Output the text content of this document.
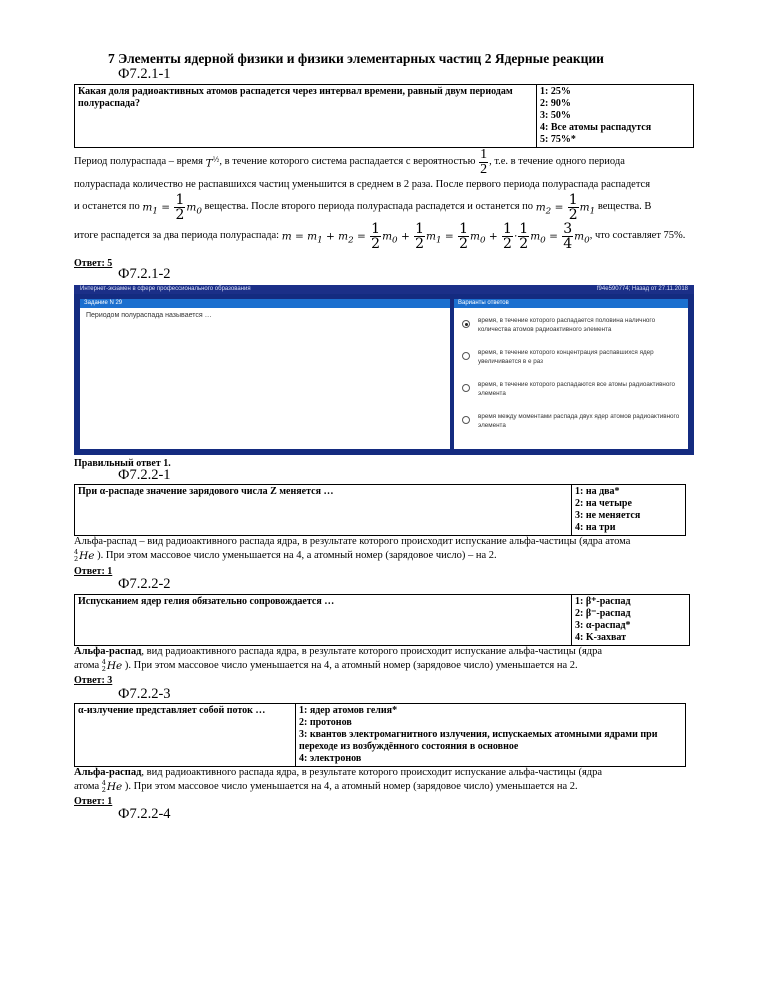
7 Элементы ядерной физики и физики элементарных частиц 2 Ядерные реакции
Ф7.2.1-1
Какая доля радиоактивных атомов распадется через интервал времени, равный двум периодам полураспада?	
1: 25%
2: 90%
3: 50%
4: Все атомы распадутся
5: 75%*
Период полураспада – время
$T^{\frac{1}{2}}$ , в течение которого система распадается с вероятностью
$\frac{1}{2}$ , т.е. в течение одного периода
полураспада количество не распавшихся частиц уменьшится в среднем в 2 раза. После первого периода полураспада распадется
и останется по
$m_1 = \frac{1}{2} m_0$
вещества. После второго периода полураспада распадется и останется по
$m_2 = \frac{1}{2} m_1$
вещества. В
итоге распадется за два периода полураспада:
$m = m_1 + m_2 = \frac{1}{2} m_0 + \frac{1}{2} m_1 = \frac{1}{2} m_0 + \frac{1}{2} \cdot \frac{1}{2} m_0 = \frac{3}{4} m_0$ , что составляет 75%.
Ответ: 5
Ф7.2.1-2
Интернет-экзамен в сфере профессионального образования	f94e590774; Назад от 27.11.2018
Задание N 29
Периодом полураспада называется …
Варианты ответов
время, в течение которого распадается половина наличного количества атомов радиоактивного элемента
время, в течение которого концентрация распавшихся ядер увеличивается в e раз
время, в течение которого распадаются все атомы радиоактивного элемента
время между моментами распада двух ядер атомов радиоактивного элемента
Правильный ответ 1.
Ф7.2.2-1
При α-распаде значение зарядового числа Z меняется …	1: на два*
2: на четыре
3: не меняется
4: на три
Альфа-распад – вид радиоактивного распада ядра, в результате которого происходит испускание альфа-частицы (ядра атома
4
2 He
). При этом массовое число уменьшается на 4, а атомный номер (зарядовое число) – на 2.
Ответ: 1
Ф7.2.2-2
Испусканием ядер гелия обязательно сопровождается …	1: β⁺-распад
2: β⁻-распад
3: α-распад*
4: K-захват
Альфа-распад, вид радиоактивного распада ядра, в результате которого происходит испускание альфа-частицы (ядра
атома
4
2 He
). При этом массовое число уменьшается на 4, а атомный номер (зарядовое число) уменьшается на 2.
Ответ: 3
Ф7.2.2-3
α-излучение представляет собой поток …	1: ядер атомов гелия*
2: протонов
3: квантов электромагнитного излучения, испускаемых атомными ядрами при переходе из возбуждённого состояния в основное
4: электронов
Альфа-распад, вид радиоактивного распада ядра, в результате которого происходит испускание альфа-частицы (ядра
атома
4
2 He
). При этом массовое число уменьшается на 4, а атомный номер (зарядовое число) уменьшается на 2.
Ответ: 1
Ф7.2.2-4
